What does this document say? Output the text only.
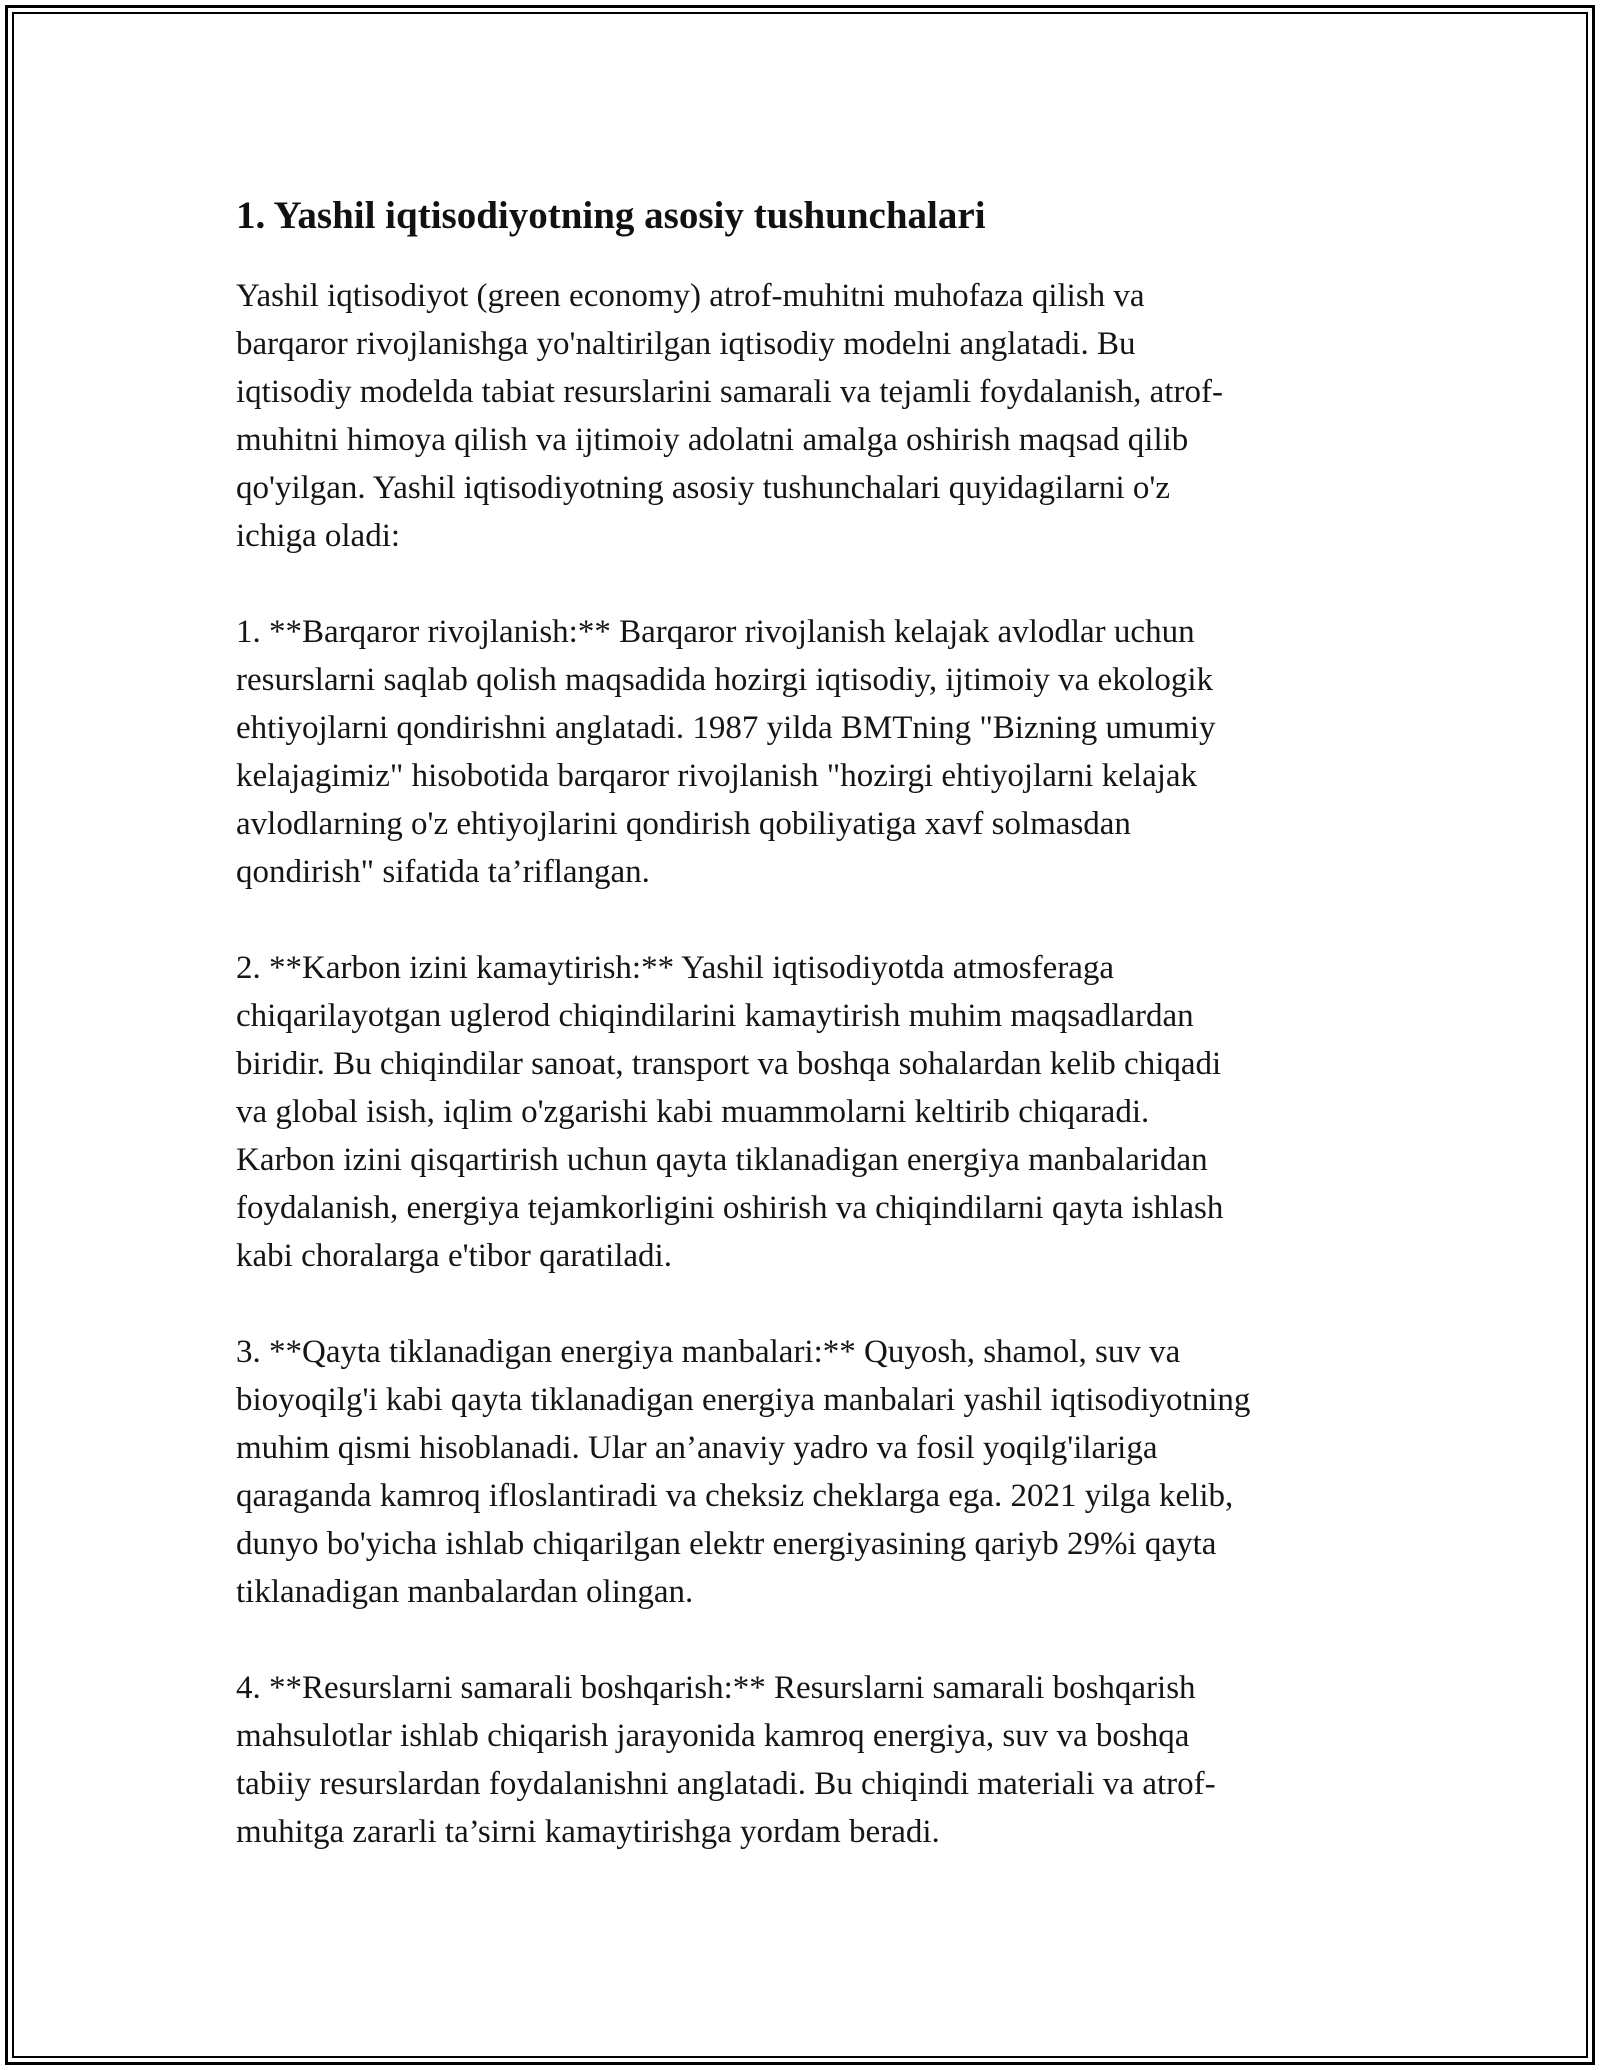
1. Yashil iqtisodiyotning asosiy tushunchalari

Yashil iqtisodiyot (green economy) atrof-muhitni muhofaza qilish va
barqaror rivojlanishga yo'naltirilgan iqtisodiy modelni anglatadi. Bu
iqtisodiy modelda tabiat resurslarini samarali va tejamli foydalanish, atrof-
muhitni himoya qilish va ijtimoiy adolatni amalga oshirish maqsad qilib
qo'yilgan. Yashil iqtisodiyotning asosiy tushunchalari quyidagilarni o'z
ichiga oladi:

1. **Barqaror rivojlanish:** Barqaror rivojlanish kelajak avlodlar uchun
resurslarni saqlab qolish maqsadida hozirgi iqtisodiy, ijtimoiy va ekologik
ehtiyojlarni qondirishni anglatadi. 1987 yilda BMTning "Bizning umumiy
kelajagimiz" hisobotida barqaror rivojlanish "hozirgi ehtiyojlarni kelajak
avlodlarning o'z ehtiyojlarini qondirish qobiliyatiga xavf solmasdan
qondirish" sifatida ta’riflangan.

2. **Karbon izini kamaytirish:** Yashil iqtisodiyotda atmosferaga
chiqarilayotgan uglerod chiqindilarini kamaytirish muhim maqsadlardan
biridir. Bu chiqindilar sanoat, transport va boshqa sohalardan kelib chiqadi
va global isish, iqlim o'zgarishi kabi muammolarni keltirib chiqaradi.
Karbon izini qisqartirish uchun qayta tiklanadigan energiya manbalaridan
foydalanish, energiya tejamkorligini oshirish va chiqindilarni qayta ishlash
kabi choralarga e'tibor qaratiladi.

3. **Qayta tiklanadigan energiya manbalari:** Quyosh, shamol, suv va
bioyoqilg'i kabi qayta tiklanadigan energiya manbalari yashil iqtisodiyotning
muhim qismi hisoblanadi. Ular an’anaviy yadro va fosil yoqilg'ilariga
qaraganda kamroq ifloslantiradi va cheksiz cheklarga ega. 2021 yilga kelib,
dunyo bo'yicha ishlab chiqarilgan elektr energiyasining qariyb 29%i qayta
tiklanadigan manbalardan olingan.

4. **Resurslarni samarali boshqarish:** Resurslarni samarali boshqarish
mahsulotlar ishlab chiqarish jarayonida kamroq energiya, suv va boshqa
tabiiy resurslardan foydalanishni anglatadi. Bu chiqindi materiali va atrof-
muhitga zararli ta’sirni kamaytirishga yordam beradi.
